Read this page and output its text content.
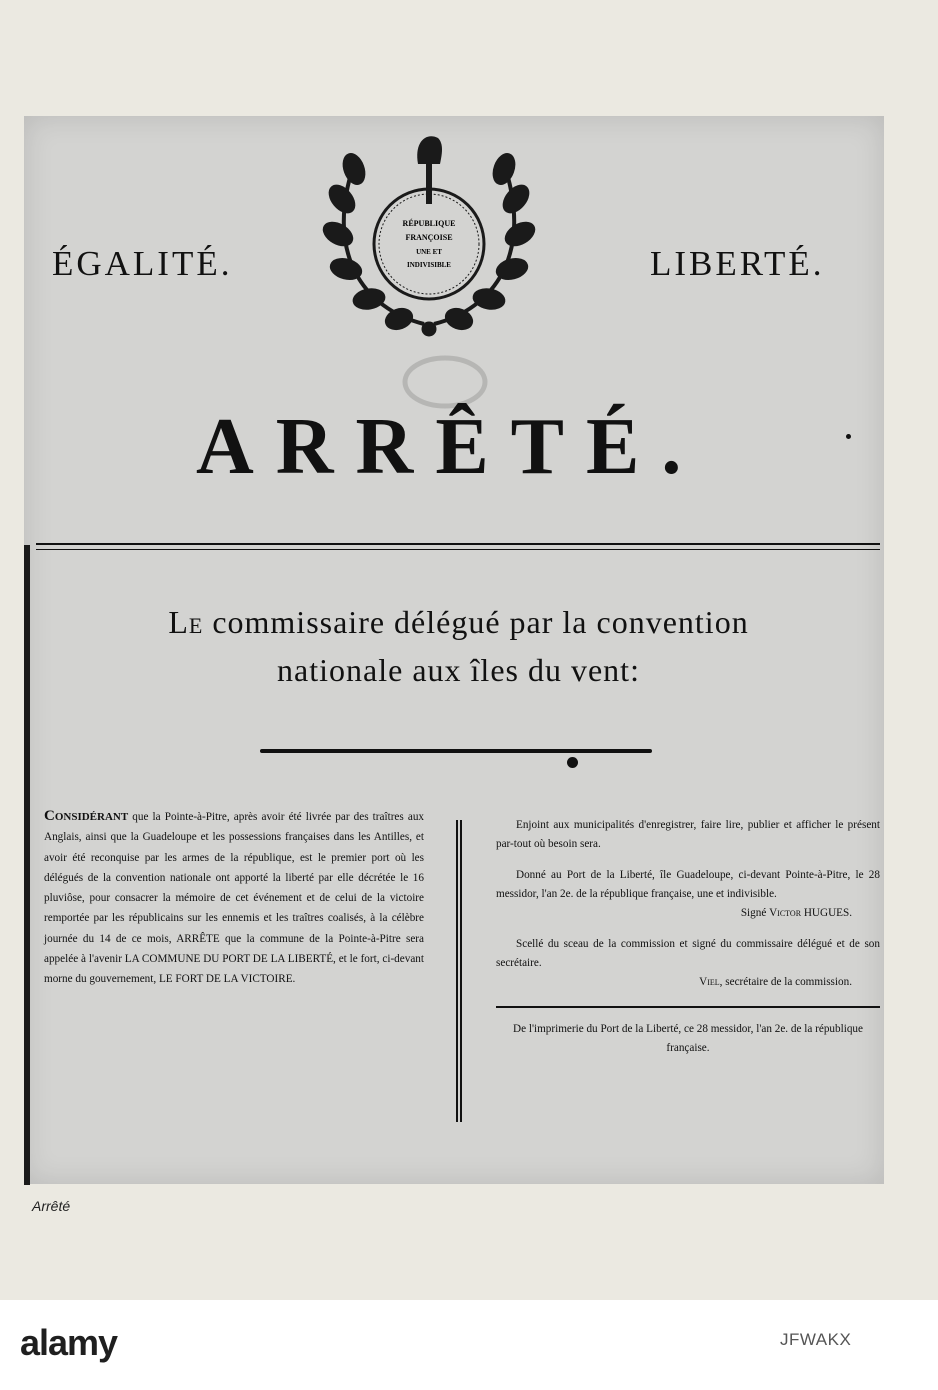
ÉGALITÉ.	LIBERTÉ.
RÉPUBLIQUE
FRANÇOISE
UNE ET
INDIVISIBLE
ARRÊTÉ.
Le commissaire délégué par la convention
nationale aux îles du vent:
Considérant que la Pointe-à-Pitre, après avoir été livrée par des traîtres aux Anglais, ainsi que la Guadeloupe et les possessions françaises dans les Antilles, et avoir été reconquise par les armes de la république, est le premier port où les délégués de la convention nationale ont apporté la liberté par elle décrétée le 16 pluviôse, pour consacrer la mémoire de cet événement et de celui de la victoire remportée par les républicains sur les ennemis et les traîtres coalisés, à la célèbre journée du 14 de ce mois, ARRÊTE que la commune de la Pointe-à-Pitre sera appelée à l'avenir LA COMMUNE DU PORT DE LA LIBERTÉ, et le fort, ci-devant morne du gouvernement, LE FORT DE LA VICTOIRE.

Enjoint aux municipalités d'enregistrer, faire lire, publier et afficher le présent par-tout où besoin sera.

Donné au Port de la Liberté, île Guadeloupe, ci-devant Pointe-à-Pitre, le 28 messidor, l'an 2e. de la république française, une et indivisible.

Signé Victor HUGUES.

Scellé du sceau de la commission et signé du commissaire délégué et de son secrétaire.

Viel, secrétaire de la commission.

De l'imprimerie du Port de la Liberté, ce 28 messidor, l'an 2e. de la république française.

Arrêté
alamy	JFWAKX
